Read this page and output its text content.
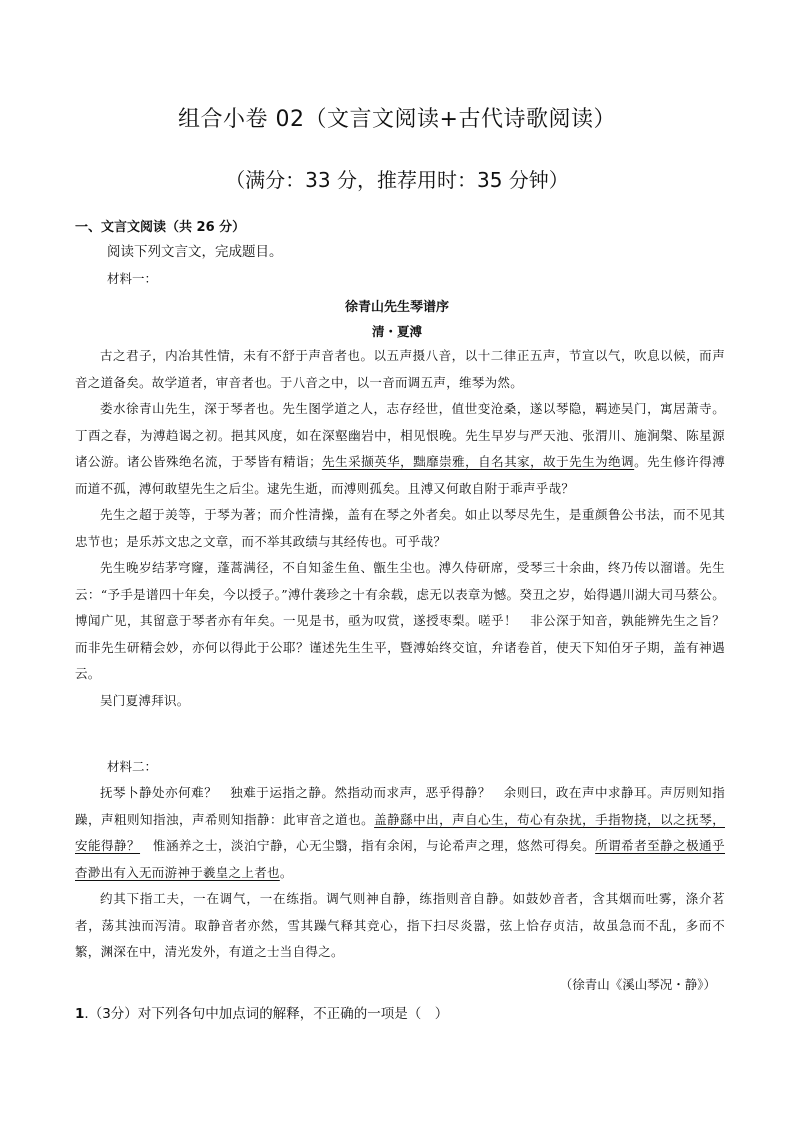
组合小卷 02（文言文阅读+古代诗歌阅读）
（满分：33 分，推荐用时：35 分钟）
一、文言文阅读（共 26 分）
阅读下列文言文，完成题目。
材料一：
徐青山先生琴谱序
清・夏溥

古之君子，内冶其性情，未有不舒于声音者也。以五声摄八音，以十二律正五声，节宣以气，吹息以候，而声音之道备矣。故学道者，审音者也。于八音之中，以一音而调五声，维琴为然。

娄水徐青山先生，深于琴者也。先生图学道之人，志存经世，值世变沧桑，遂以琴隐，羁迹吴门，寓居萧寺。丁酉之春，为溥趋谒之初。挹其风度，如在深壑幽岩中，相见恨晚。先生早岁与严天池、张渭川、施涧槃、陈星源诸公游。诸公皆殊绝名流，于琴皆有精诣；先生采撷英华，黜靡崇雅，自名其家，故于先生为绝调。先生修许得溥而道不孤，溥何敢望先生之后尘。逮先生逝，而溥则孤矣。且溥又何敢自附于乖声乎哉？

先生之超于羙等，于琴为著；而介性清操，盖有在琴之外者矣。如止以琴尽先生，是重颜鲁公书法，而不见其忠节也；是乐苏文忠之文章，而不举其政绩与其经传也。可乎哉？

先生晚岁结茅穹窿，蓬蒿满径，不自知釜生鱼、甑生尘也。溥久侍研席，受琴三十余曲，终乃传以溜谱。先生云：“予手是谱四十年矣，今以授子。”溥什袭珍之十有余载，虑无以表章为憾。癸丑之岁，始得遇川湖大司马蔡公。博闻广见，其留意于琴者亦有年矣。一见是书，亟为叹赏，遂授枣梨。嗟乎！　非公深于知音，孰能辨先生之旨？　而非先生研精会妙，亦何以得此于公耶？谨述先生生平，暨溥始终交谊，弁诸卷首，使天下知伯牙子期，盖有神遇云。

吴门夏溥拜识。

材料二：

抚琴卜静处亦何难？　独难于运指之静。然指动而求声，恶乎得静？　余则曰，政在声中求静耳。声厉则知指躁，声粗则知指浊，声希则知指静：此审音之道也。盖静繇中出，声自心生，苟心有杂扰，手指物挠，以之抚琴，安能得静？　惟涵养之士，淡泊宁静，心无尘翳，指有余闲，与论希声之理，悠然可得矣。所谓希者至静之极通乎杳渺出有入无而游神于羲皇之上者也。

约其下指工夫，一在调气，一在练指。调气则神自静，练指则音自静。如鼓妙音者，含其烟而吐雾，涤介茗者，荡其浊而泻清。取静音者亦然，雪其躁气释其竞心，指下扫尽炎嚣，弦上恰存贞洁，故虽急而不乱，多而不繁，渊深在中，清光发外，有道之士当自得之。

（徐青山《溪山琴况・静》）
1.（3分）对下列各句中加点词的解释，不正确的一项是（　）
